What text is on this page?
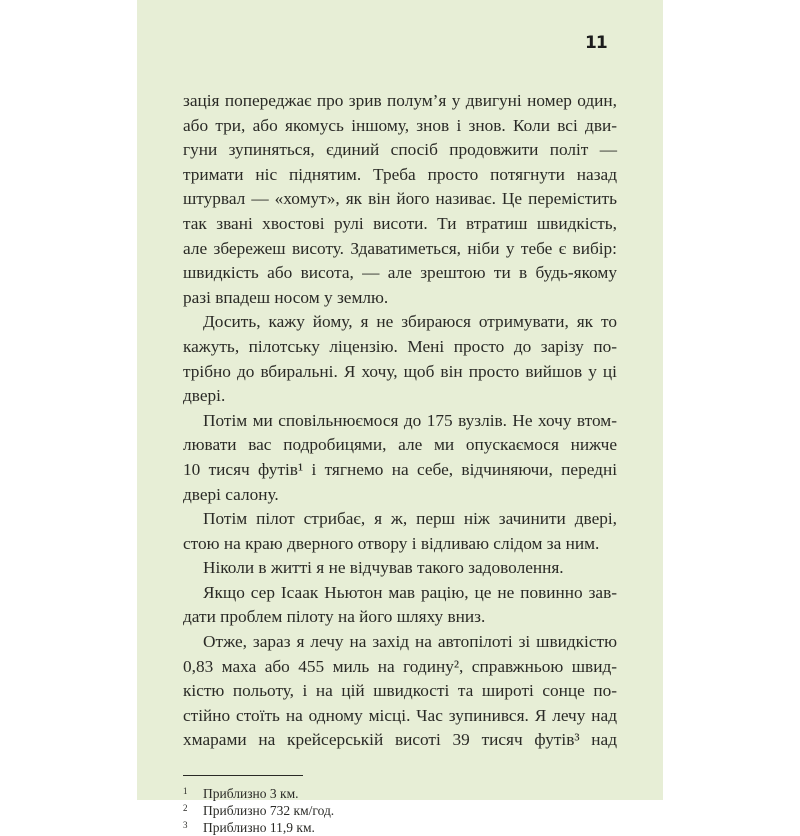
11
зація попереджає про зрив полум’я у двигуні номер один,
або три, або якомусь іншому, знов і знов. Коли всі дви-
гуни зупиняться, єдиний спосіб продовжити політ —
тримати ніс піднятим. Треба просто потягнути назад
штурвал — «хомут», як він його називає. Це перемістить
так звані хвостові рулі висоти. Ти втратиш швидкість,
але збережеш висоту. Здаватиметься, ніби у тебе є вибір:
швидкість або висота, — але зрештою ти в будь-якому
разі впадеш носом у землю.
Досить, кажу йому, я не збираюся отримувати, як то
кажуть, пілотську ліцензію. Мені просто до зарізу по-
трібно до вбиральні. Я хочу, щоб він просто вийшов у ці
двері.
Потім ми сповільнюємося до 175 вузлів. Не хочу втом-
лювати вас подробицями, але ми опускаємося нижче
10 тисяч футів¹ і тягнемо на себе, відчиняючи, передні
двері салону.
Потім пілот стрибає, я ж, перш ніж зачинити двері,
стою на краю дверного отвору і відливаю слідом за ним.
Ніколи в житті я не відчував такого задоволення.
Якщо сер Ісаак Ньютон мав рацію, це не повинно зав-
дати проблем пілоту на його шляху вниз.
Отже, зараз я лечу на захід на автопілоті зі швидкістю
0,83 маха або 455 миль на годину², справжньою швид-
кістю польоту, і на цій швидкості та широті сонце по-
стійно стоїть на одному місці. Час зупинився. Я лечу над
хмарами на крейсерській висоті 39 тисяч футів³ над
1	Приблизно 3 км.
2	Приблизно 732 км/год.
3	Приблизно 11,9 км.
